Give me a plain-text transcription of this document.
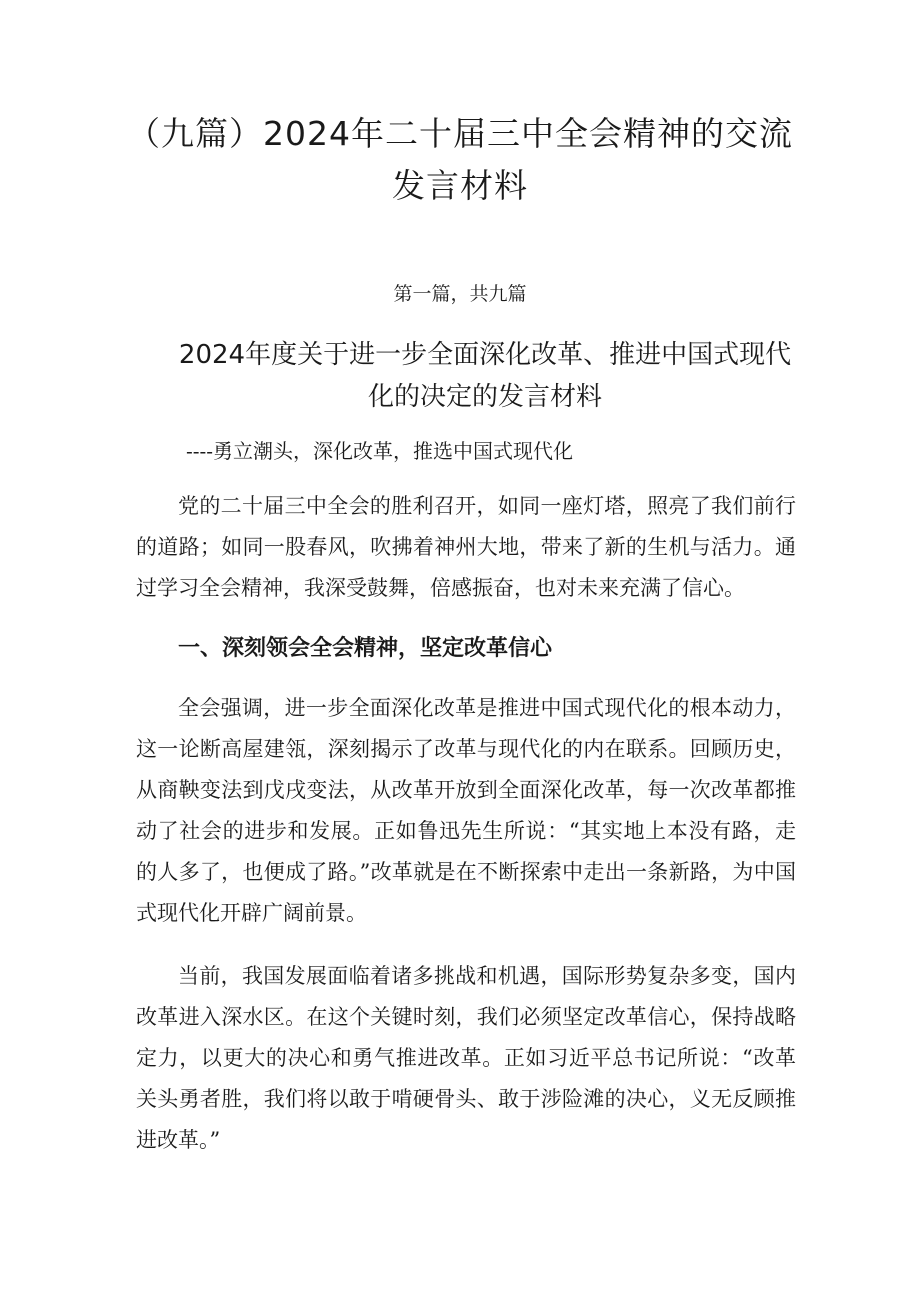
（九篇）2024年二十届三中全会精神的交流发言材料
第一篇，共九篇
2024年度关于进一步全面深化改革、推进中国式现代化的决定的发言材料
----勇立潮头，深化改革，推选中国式现代化

党的二十届三中全会的胜利召开，如同一座灯塔，照亮了我们前行的道路；如同一股春风，吹拂着神州大地，带来了新的生机与活力。通过学习全会精神，我深受鼓舞，倍感振奋，也对未来充满了信心。

一、深刻领会全会精神，坚定改革信心

全会强调，进一步全面深化改革是推进中国式现代化的根本动力，这一论断高屋建瓴，深刻揭示了改革与现代化的内在联系。回顾历史，从商鞅变法到戊戌变法，从改革开放到全面深化改革，每一次改革都推动了社会的进步和发展。正如鲁迅先生所说：“其实地上本没有路，走的人多了，也便成了路。”改革就是在不断探索中走出一条新路，为中国式现代化开辟广阔前景。

当前，我国发展面临着诸多挑战和机遇，国际形势复杂多变，国内改革进入深水区。在这个关键时刻，我们必须坚定改革信心，保持战略定力，以更大的决心和勇气推进改革。正如习近平总书记所说：“改革关头勇者胜，我们将以敢于啃硬骨头、敢于涉险滩的决心，义无反顾推进改革。”
